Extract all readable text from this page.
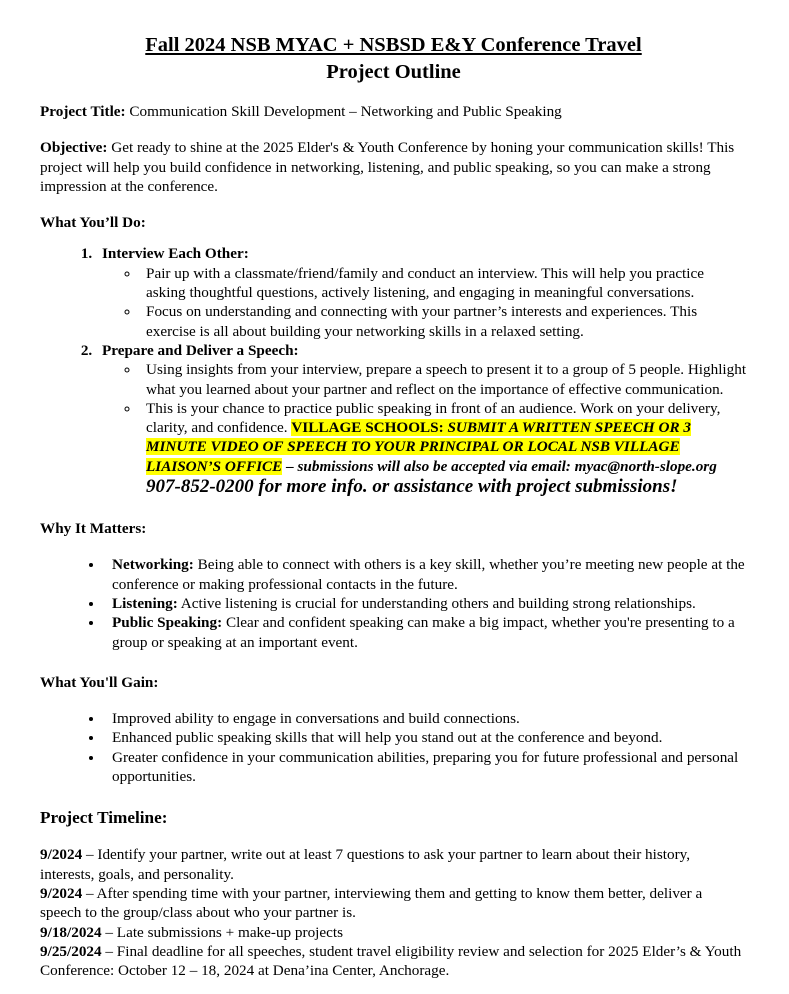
Fall 2024 NSB MYAC + NSBSD E&Y Conference Travel
Project Outline

Project Title: Communication Skill Development – Networking and Public Speaking

Objective: Get ready to shine at the 2025 Elder's & Youth Conference by honing your communication skills! This project will help you build confidence in networking, listening, and public speaking, so you can make a strong impression at the conference.

What You’ll Do:

1. Interview Each Other:
◦ Pair up with a classmate/friend/family and conduct an interview. This will help you practice asking thoughtful questions, actively listening, and engaging in meaningful conversations.
◦ Focus on understanding and connecting with your partner’s interests and experiences. This exercise is all about building your networking skills in a relaxed setting.
2. Prepare and Deliver a Speech:
◦ Using insights from your interview, prepare a speech to present it to a group of 5 people. Highlight what you learned about your partner and reflect on the importance of effective communication.
◦ This is your chance to practice public speaking in front of an audience. Work on your delivery, clarity, and confidence. VILLAGE SCHOOLS: SUBMIT A WRITTEN SPEECH OR 3 MINUTE VIDEO OF SPEECH TO YOUR PRINCIPAL OR LOCAL NSB VILLAGE LIAISON’S OFFICE – submissions will also be accepted via email: myac@north-slope.org
907-852-0200 for more info. or assistance with project submissions!

Why It Matters:

• Networking: Being able to connect with others is a key skill, whether you’re meeting new people at the conference or making professional contacts in the future.
• Listening: Active listening is crucial for understanding others and building strong relationships.
• Public Speaking: Clear and confident speaking can make a big impact, whether you're presenting to a group or speaking at an important event.

What You'll Gain:

• Improved ability to engage in conversations and build connections.
• Enhanced public speaking skills that will help you stand out at the conference and beyond.
• Greater confidence in your communication abilities, preparing you for future professional and personal opportunities.

Project Timeline:

9/2024 – Identify your partner, write out at least 7 questions to ask your partner to learn about their history, interests, goals, and personality.

9/2024 – After spending time with your partner, interviewing them and getting to know them better, deliver a speech to the group/class about who your partner is.

9/18/2024 – Late submissions + make-up projects

9/25/2024 – Final deadline for all speeches, student travel eligibility review and selection for 2025 Elder’s & Youth Conference: October 12 – 18, 2024 at Dena’ina Center, Anchorage.
